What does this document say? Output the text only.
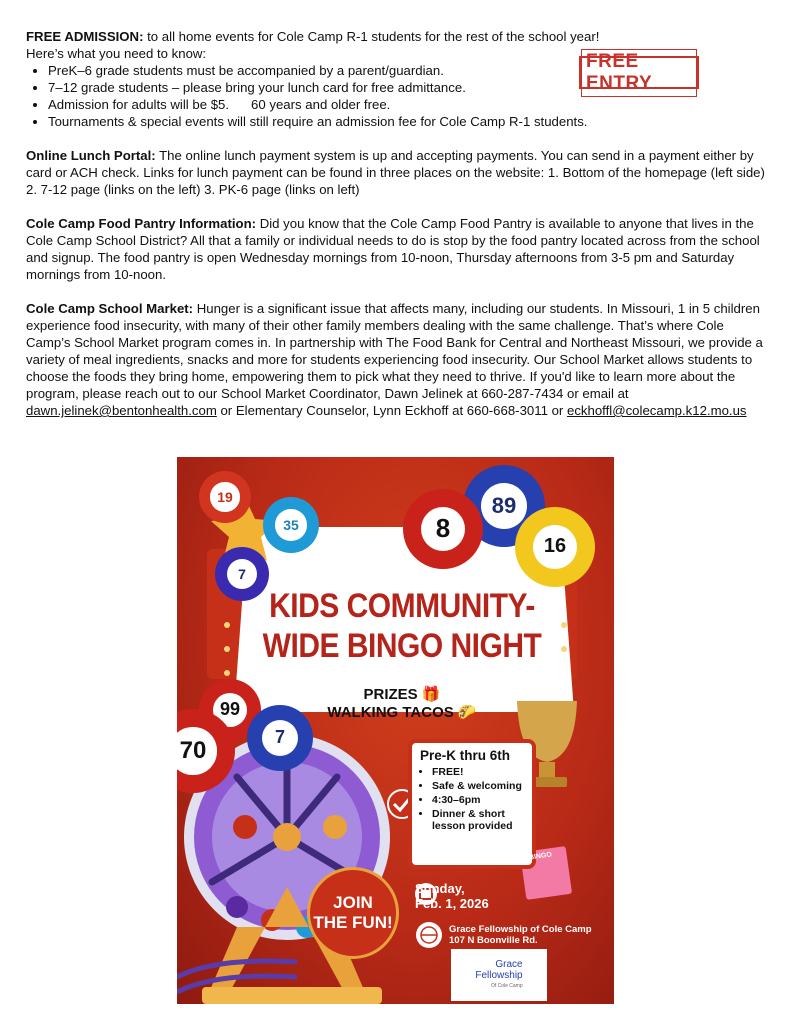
FREE ADMISSION: to all home events for Cole Camp R-1 students for the rest of the school year!
Here’s what you need to know:

• PreK–6 grade students must be accompanied by a parent/guardian.
• 7–12 grade students – please bring your lunch card for free admittance.
• Admission for adults will be $5.      60 years and older free.
• Tournaments & special events will still require an admission fee for Cole Camp R-1 students.

Online Lunch Portal: The online lunch payment system is up and accepting payments. You can send in a payment either by card or ACH check. Links for lunch payment can be found in three places on the website: 1. Bottom of the homepage (left side) 2. 7-12 page (links on the left) 3. PK-6 page (links on left)

Cole Camp Food Pantry Information: Did you know that the Cole Camp Food Pantry is available to anyone that lives in the Cole Camp School District? All that a family or individual needs to do is stop by the food pantry located across from the school and signup. The food pantry is open Wednesday mornings from 10-noon, Thursday afternoons from 3-5 pm and Saturday mornings from 10-noon.

Cole Camp School Market: Hunger is a significant issue that affects many, including our students. In Missouri, 1 in 5 children experience food insecurity, with many of their other family members dealing with the same challenge. That’s where Cole Camp’s School Market program comes in. In partnership with The Food Bank for Central and Northeast Missouri, we provide a variety of meal ingredients, snacks and more for students experiencing food insecurity. Our School Market allows students to choose the foods they bring home, empowering them to pick what they need to thrive. If you'd like to learn more about the program, please reach out to our School Market Coordinator, Dawn Jelinek at 660-287-7434 or email at dawn.jelinek@bentonhealth.com or Elementary Counselor, Lynn Eckhoff at 660-668-3011 or eckhoffl@colecamp.k12.mo.us

FREE ENTRY
19
35
89
8
16
7
99
70	7
KIDS COMMUNITY-
WIDE BINGO NIGHT
PRIZES 🎁
WALKING TACOS 🌮
Pre-K thru 6th
• FREE!
• Safe & welcoming
• 4:30–6pm
• Dinner & short lesson provided
JOIN
THE FUN!
Sunday,
Feb. 1, 2026
Grace Fellowship of Cole Camp
107 N Boonville Rd.
Grace
Fellowship
Of Cole Camp
BINGO
